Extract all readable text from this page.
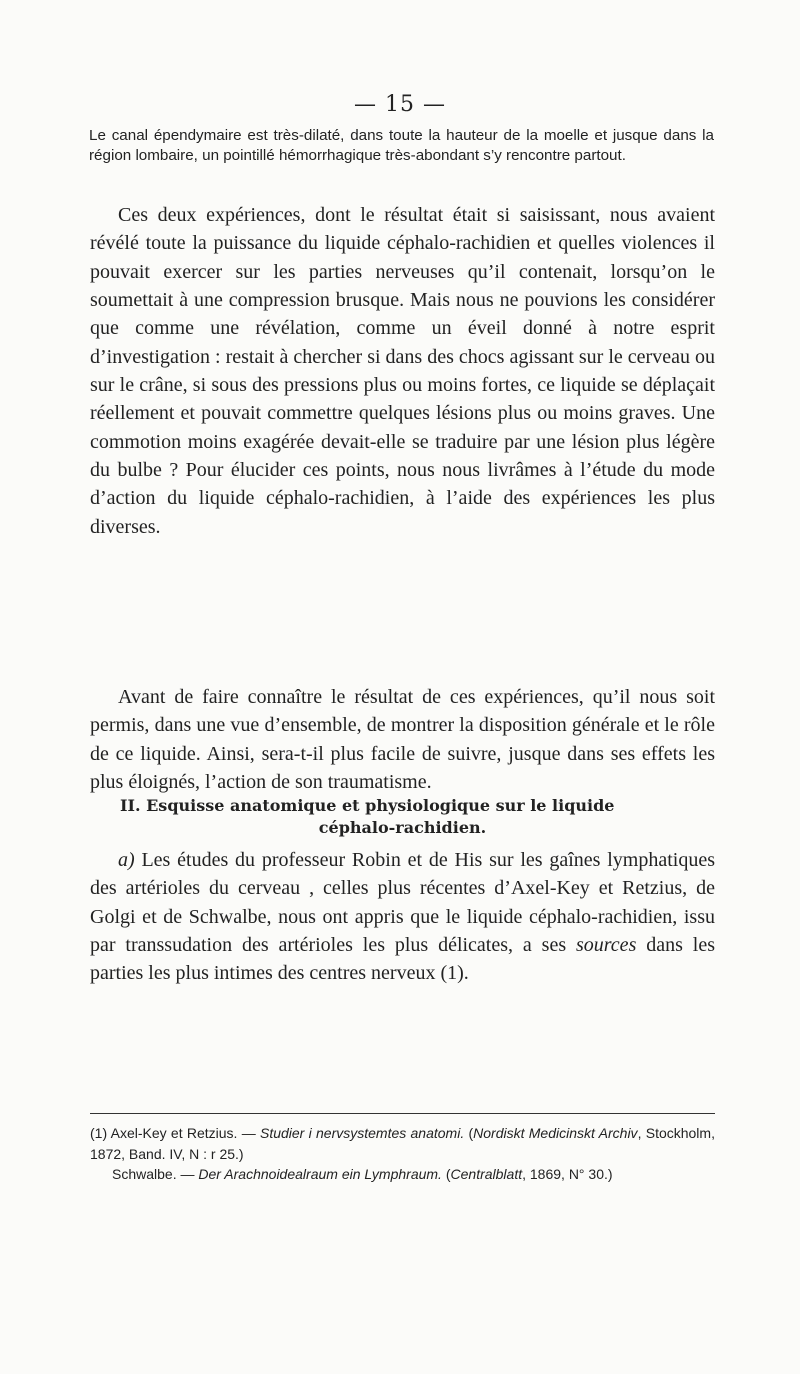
— 15 —
Le canal épendymaire est très-dilaté, dans toute la hauteur de la moelle et jusque dans la région lombaire, un pointillé hémorrhagique très-abondant s’y rencontre partout.
Ces deux expériences, dont le résultat était si saisissant, nous avaient révélé toute la puissance du liquide céphalo-rachidien et quelles violences il pouvait exercer sur les parties nerveuses qu’il contenait, lorsqu’on le soumettait à une compression brusque. Mais nous ne pouvions les considérer que comme une révélation, comme un éveil donné à notre esprit d’investigation : restait à chercher si dans des chocs agissant sur le cerveau ou sur le crâne, si sous des pressions plus ou moins fortes, ce liquide se déplaçait réellement et pouvait commettre quelques lésions plus ou moins graves. Une commotion moins exagérée devait-elle se traduire par une lésion plus légère du bulbe ? Pour élucider ces points, nous nous livrâmes à l’étude du mode d’action du liquide céphalo-rachidien, à l’aide des expériences les plus diverses.
Avant de faire connaître le résultat de ces expériences, qu’il nous soit permis, dans une vue d’ensemble, de montrer la disposition générale et le rôle de ce liquide. Ainsi, sera-t-il plus facile de suivre, jusque dans ses effets les plus éloignés, l’action de son traumatisme.
II. Esquisse anatomique et physiologique sur le liquide
céphalo-rachidien.
a) Les études du professeur Robin et de His sur les gaînes lymphatiques des artérioles du cerveau , celles plus récentes d’Axel-Key et Retzius, de Golgi et de Schwalbe, nous ont appris que le liquide céphalo-rachidien, issu par transsudation des artérioles les plus délicates, a ses sources dans les parties les plus intimes des centres nerveux (1).
(1) Axel-Key et Retzius. — Studier i nervsystemtes anatomi. (Nordiskt Medicinskt Archiv, Stockholm, 1872, Band. IV, N : r 25.)
Schwalbe. — Der Arachnoidealraum ein Lymphraum. (Centralblatt, 1869, N° 30.)
